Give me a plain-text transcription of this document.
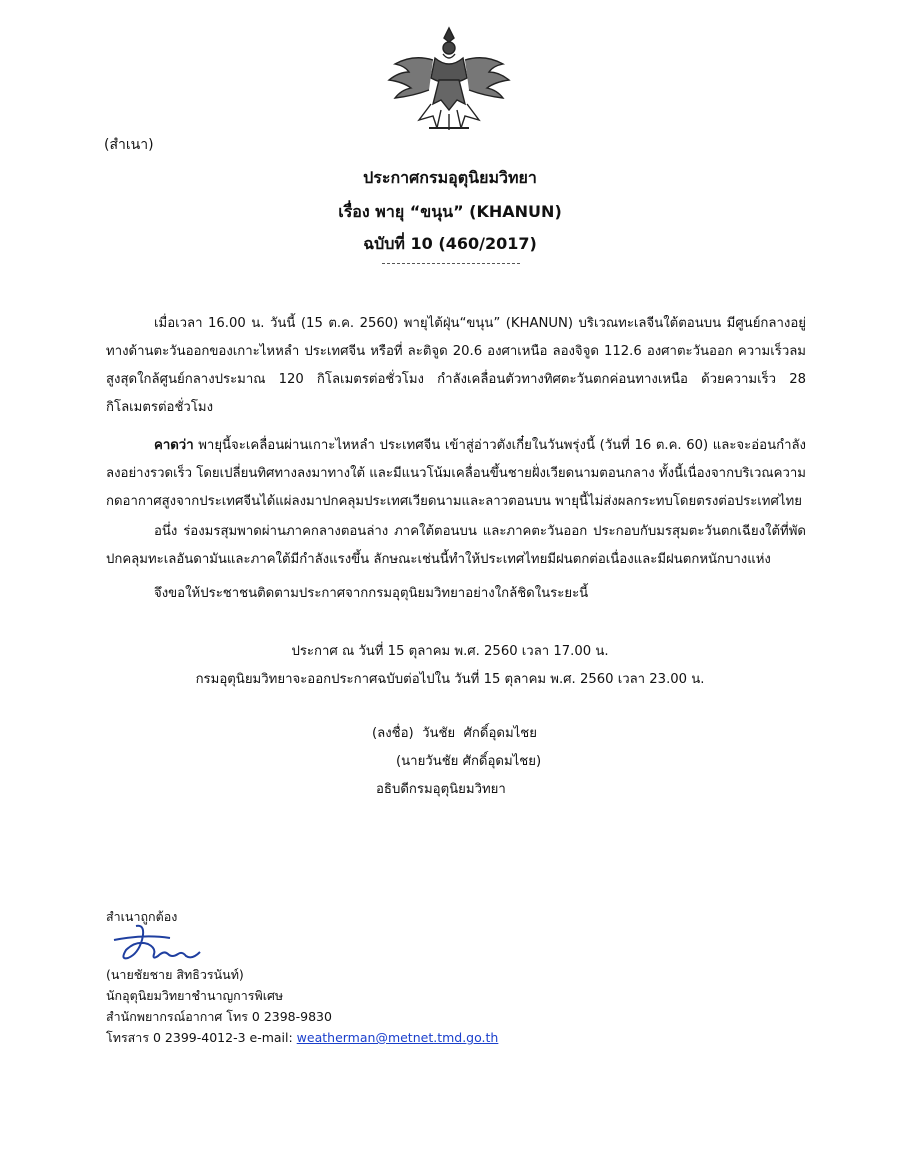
(สำเนา)
ประกาศกรมอุตุนิยมวิทยา
เรื่อง พายุ “ขนุน” (KHANUN)
ฉบับที่ 10 (460/2017)

เมื่อเวลา 16.00 น. วันนี้ (15 ต.ค. 2560) พายุไต้ฝุ่น“ขนุน” (KHANUN) บริเวณทะเลจีนใต้ตอนบน มีศูนย์กลางอยู่ทางด้านตะวันออกของเกาะไหหลำ ประเทศจีน หรือที่ ละติจูด 20.6 องศาเหนือ ลองจิจูด 112.6 องศาตะวันออก ความเร็วลมสูงสุดใกล้ศูนย์กลางประมาณ 120 กิโลเมตรต่อชั่วโมง กำลังเคลื่อนตัวทางทิศตะวันตกค่อนทางเหนือ ด้วยความเร็ว 28 กิโลเมตรต่อชั่วโมง

คาดว่า พายุนี้จะเคลื่อนผ่านเกาะไหหลำ ประเทศจีน เข้าสู่อ่าวตังเกี๋ยในวันพรุ่งนี้ (วันที่ 16 ต.ค. 60) และจะอ่อนกำลังลงอย่างรวดเร็ว โดยเปลี่ยนทิศทางลงมาทางใต้ และมีแนวโน้มเคลื่อนขึ้นชายฝั่งเวียดนามตอนกลาง ทั้งนี้เนื่องจากบริเวณความกดอากาศสูงจากประเทศจีนได้แผ่ลงมาปกคลุมประเทศเวียดนามและลาวตอนบน พายุนี้ไม่ส่งผลกระทบโดยตรงต่อประเทศไทย

อนึ่ง ร่องมรสุมพาดผ่านภาคกลางตอนล่าง ภาคใต้ตอนบน และภาคตะวันออก ประกอบกับมรสุมตะวันตกเฉียงใต้ที่พัดปกคลุมทะเลอันดามันและภาคใต้มีกำลังแรงขึ้น ลักษณะเช่นนี้ทำให้ประเทศไทยมีฝนตกต่อเนื่องและมีฝนตกหนักบางแห่ง

จึงขอให้ประชาชนติดตามประกาศจากกรมอุตุนิยมวิทยาอย่างใกล้ชิดในระยะนี้

ประกาศ ณ วันที่ 15 ตุลาคม พ.ศ. 2560 เวลา 17.00 น.
กรมอุตุนิยมวิทยาจะออกประกาศฉบับต่อไปใน วันที่ 15 ตุลาคม พ.ศ. 2560 เวลา 23.00 น.
(ลงชื่อ)  วันชัย  ศักดิ์อุดมไชย
(นายวันชัย ศักดิ์อุดมไชย)
อธิบดีกรมอุตุนิยมวิทยา
สำเนาถูกต้อง
(นายชัยชาย สิทธิวรนันท์)
นักอุตุนิยมวิทยาชำนาญการพิเศษ
สำนักพยากรณ์อากาศ โทร 0 2398-9830
โทรสาร 0 2399-4012-3 e-mail: weatherman@metnet.tmd.go.th
